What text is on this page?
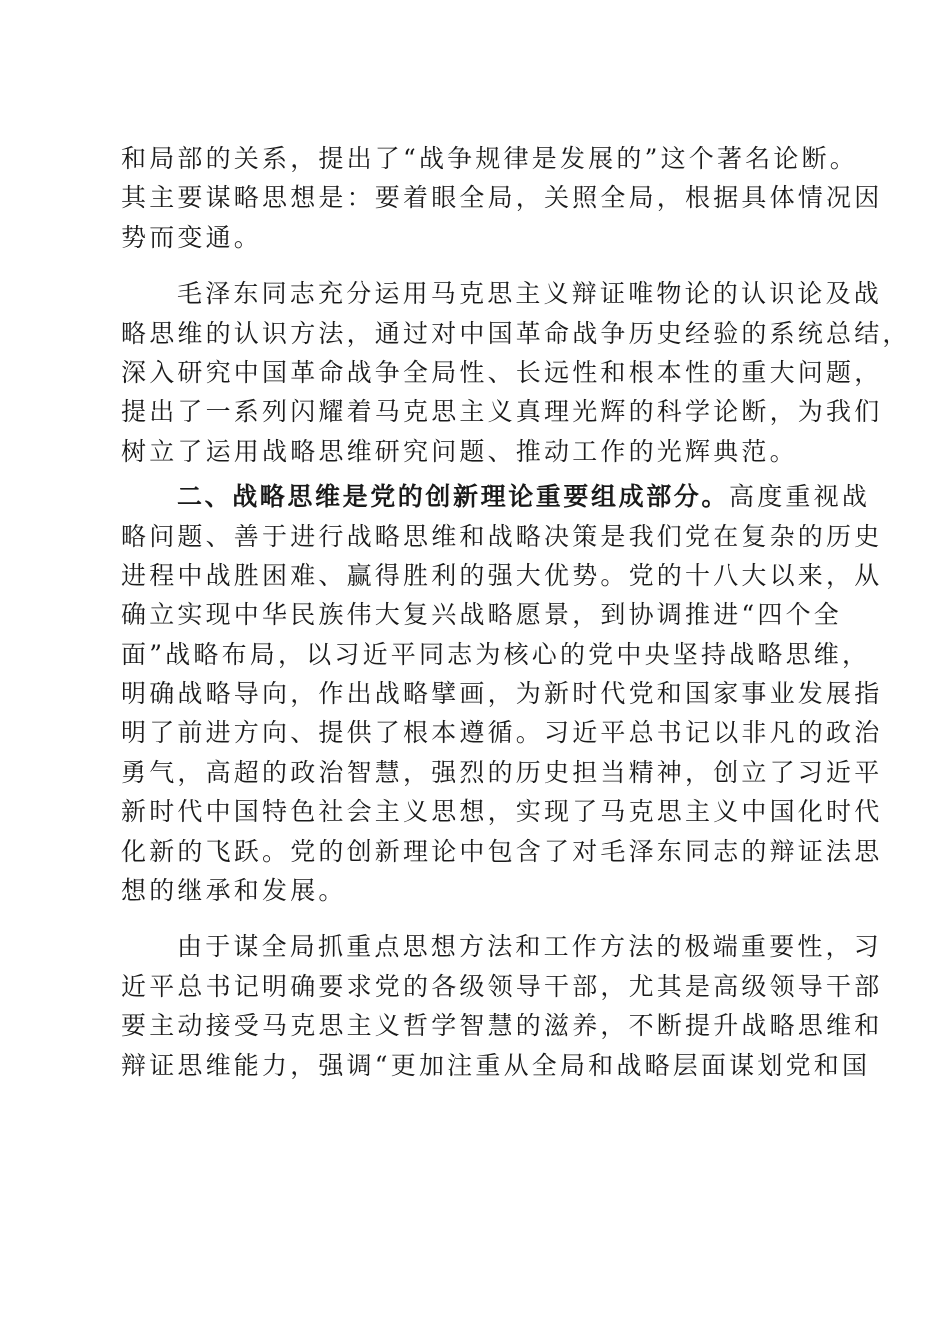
和局部的关系，提出了“战争规律是发展的”这个著名论断。
其主要谋略思想是：要着眼全局，关照全局，根据具体情况因
势而变通。
毛泽东同志充分运用马克思主义辩证唯物论的认识论及战
略思维的认识方法，通过对中国革命战争历史经验的系统总结，
深入研究中国革命战争全局性、长远性和根本性的重大问题，
提出了一系列闪耀着马克思主义真理光辉的科学论断，为我们
树立了运用战略思维研究问题、推动工作的光辉典范。
二、战略思维是党的创新理论重要组成部分。 高度重视战
略问题、善于进行战略思维和战略决策是我们党在复杂的历史
进程中战胜困难、赢得胜利的强大优势。党的十八大以来，从
确立实现中华民族伟大复兴战略愿景，到协调推进“四个全
面”战略布局，以习近平同志为核心的党中央坚持战略思维，
明确战略导向，作出战略擘画，为新时代党和国家事业发展指
明了前进方向、提供了根本遵循。习近平总书记以非凡的政治
勇气，高超的政治智慧，强烈的历史担当精神，创立了习近平
新时代中国特色社会主义思想，实现了马克思主义中国化时代
化新的飞跃。党的创新理论中包含了对毛泽东同志的辩证法思
想的继承和发展。
由于谋全局抓重点思想方法和工作方法的极端重要性，习
近平总书记明确要求党的各级领导干部，尤其是高级领导干部
要主动接受马克思主义哲学智慧的滋养，不断提升战略思维和
辩证思维能力，强调“更加注重从全局和战略层面谋划党和国
